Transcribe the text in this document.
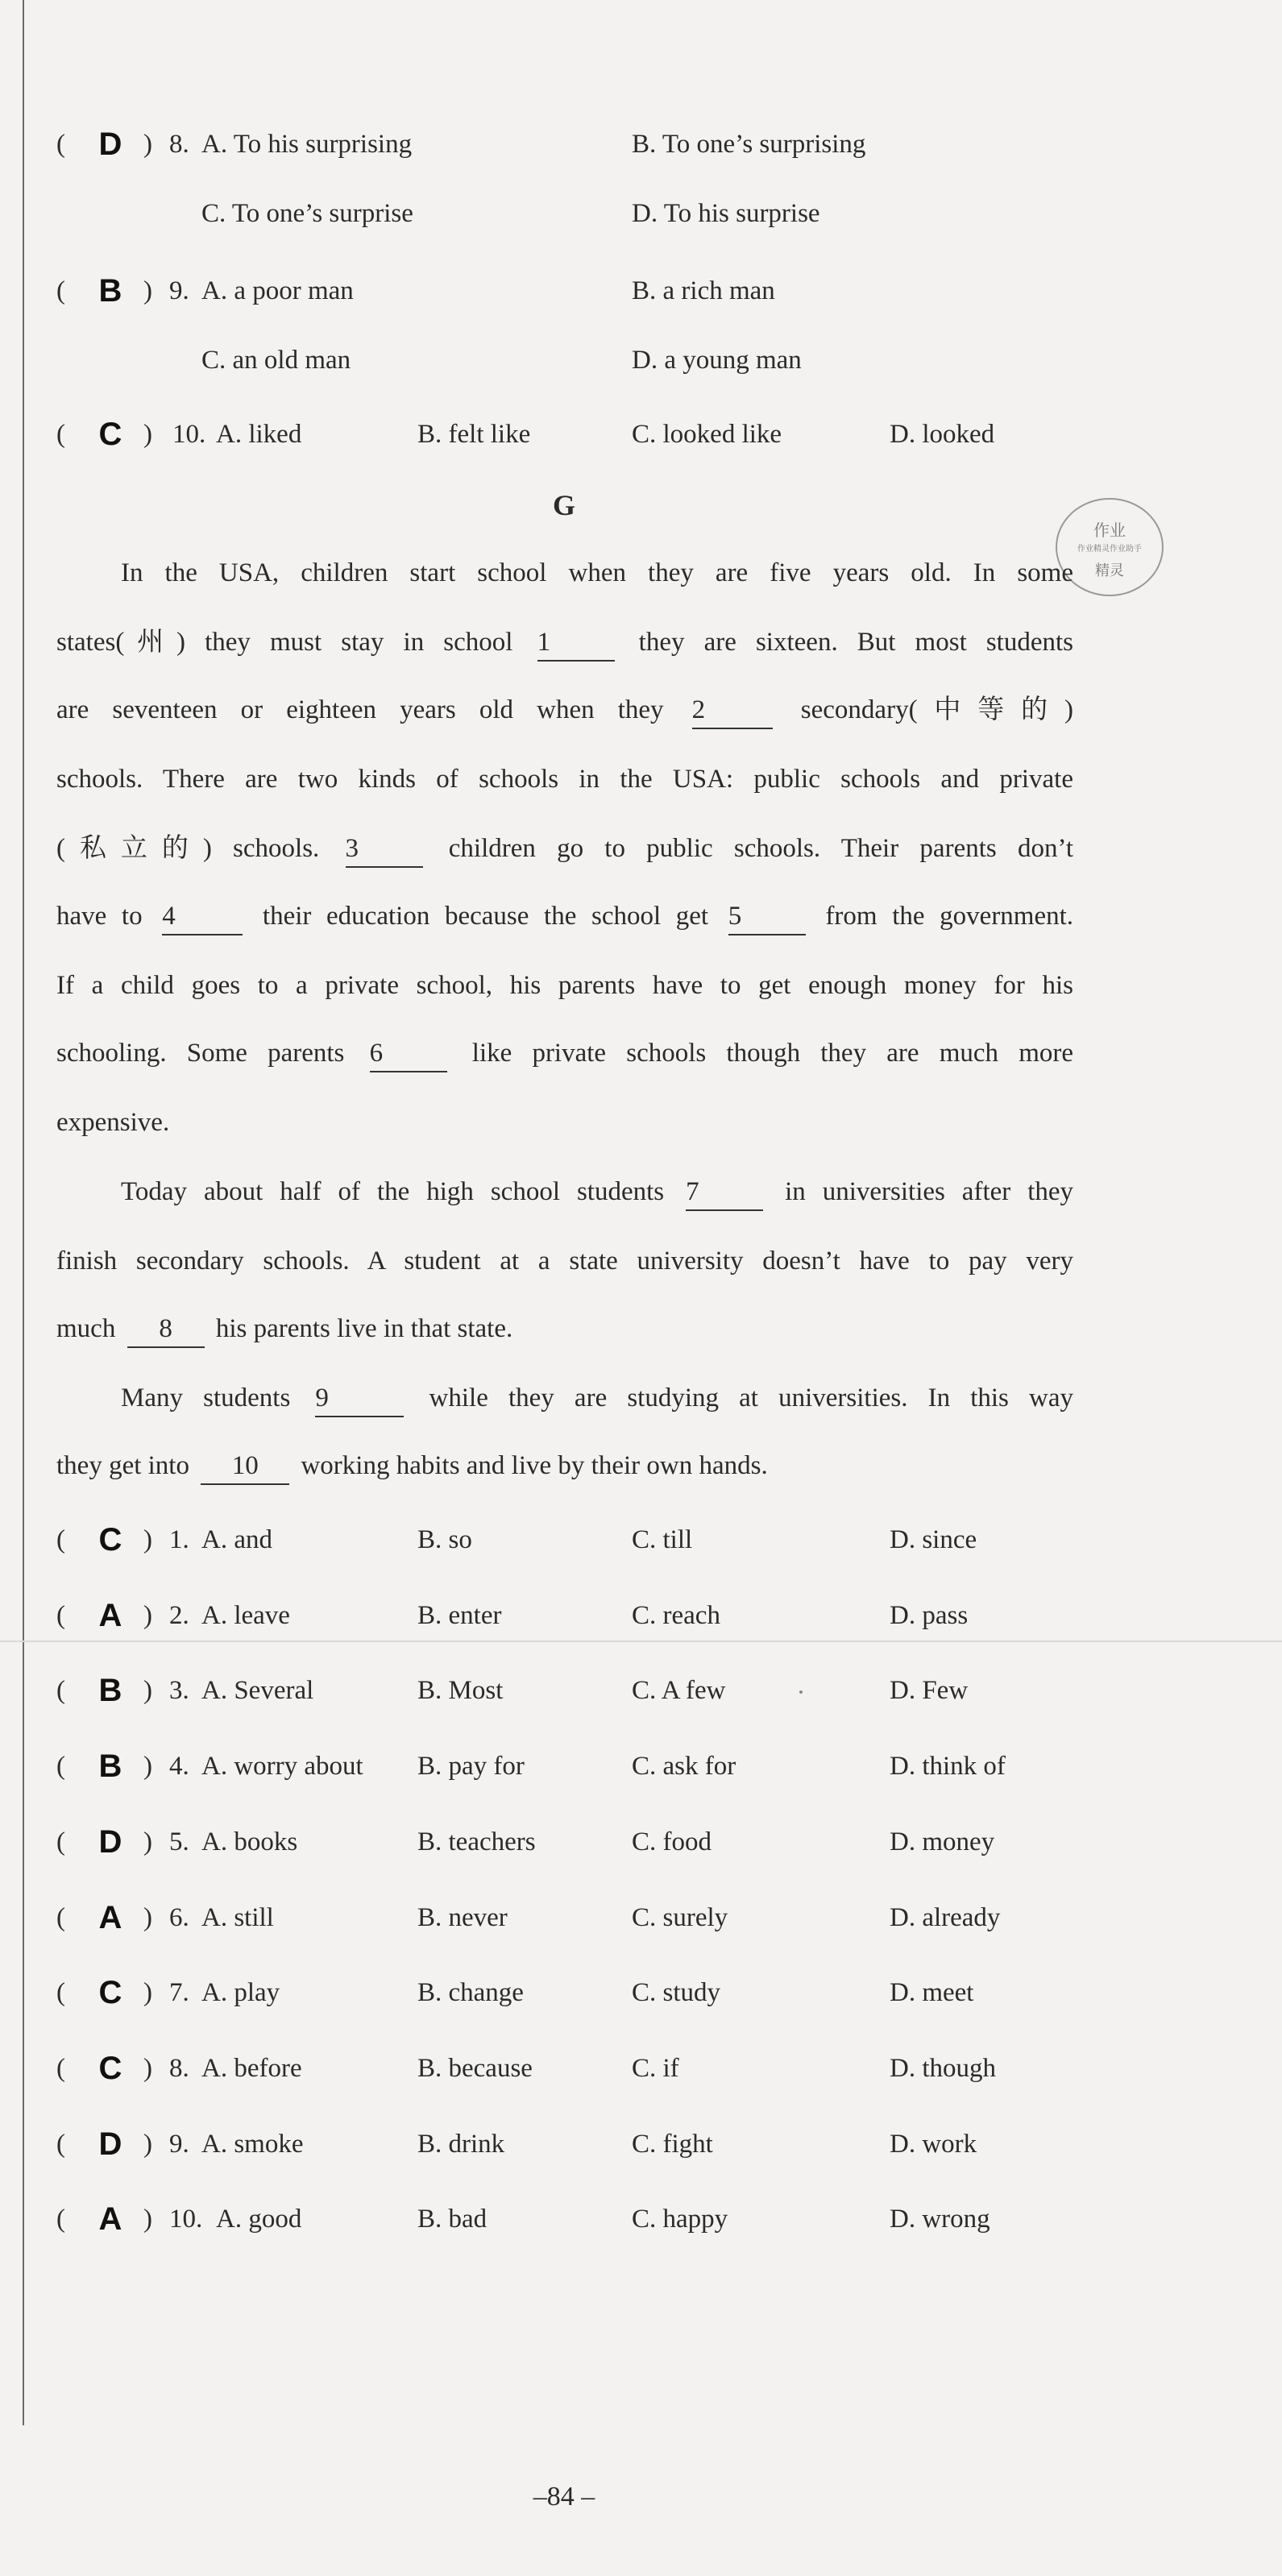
( D ) 8. A. To his surprising	B. To one’s surprising
C. To one’s surprise	D. To his surprise
( B ) 9. A. a poor man	B. a rich man
C. an old man	D. a young man
( C ) 10. A. liked	B. felt like	C. looked like	D. looked
G
作业
作业精灵作业助手
精灵
In the USA, children start school when they are five years old. In some
states(州) they must stay in school 1	they are sixteen. But most students
are seventeen or eighteen years old when they 2	secondary(中等的)
schools. There are two kinds of schools in the USA: public schools and private
(私立的) schools. 3	children go to public schools. Their parents don’t
have to 4	their education because the school get 5	from the government.
If a child goes to a private school, his parents have to get enough money for his
schooling. Some parents 6	like private schools though they are much more
expensive.
Today about half of the high school students 7	in universities after they
finish secondary schools. A student at a state university doesn’t have to pay very
much 8 his parents live in that state.
Many students 9	while they are studying at universities. In this way
they get into 10 working habits and live by their own hands.
( C ) 1. A. and	B. so	C. till	D. since
( A ) 2. A. leave	B. enter	C. reach	D. pass
( B ) 3. A. Several	B. Most	C. A few	D. Few
( B ) 4. A. worry about B. pay for	C. ask for	D. think of
( D ) 5. A. books	B. teachers	C. food	D. money
( A ) 6. A. still	B. never	C. surely	D. already
( C ) 7. A. play	B. change	C. study	D. meet
( C ) 8. A. before	B. because	C. if	D. though
( D ) 9. A. smoke	B. drink	C. fight	D. work
( A ) 10. A. good	B. bad	C. happy	D. wrong
–84 –
